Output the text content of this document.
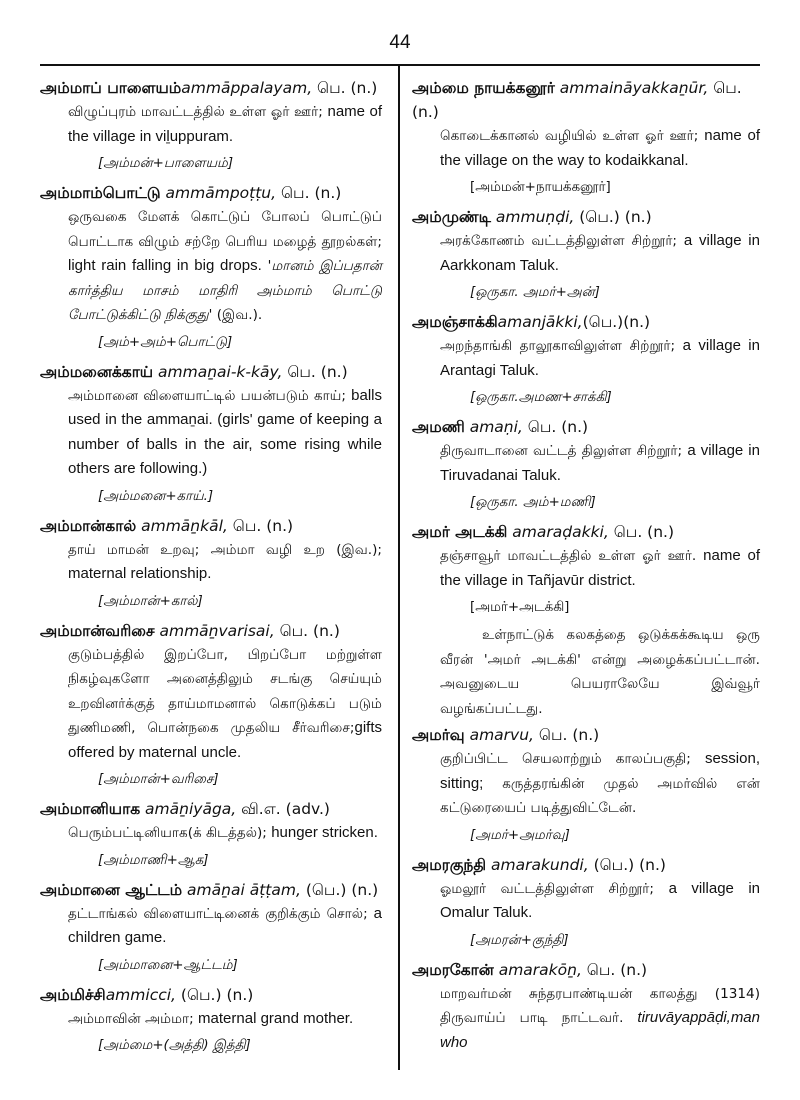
44
அம்மாப் பாளையம்ammāppalayam, பெ. (n.)
விழுப்புரம் மாவட்டத்தில் உள்ள ஓர் ஊர்; name of the village in viḻuppuram.
[அம்மன்+பாளையம்]
அம்மாம்பொட்டு ammāmpoṭṭu, பெ. (n.)
ஒருவகை மேளக் கொட்டுப் போலப் பொட்டுப் பொட்டாக விழும் சற்றே பெரிய மழைத் தூறல்கள்; light rain falling in big drops. 'மானம் இப்பதான் கார்த்திய மாசம் மாதிரி அம்மாம் பொட்டு போட்டுக்கிட்டு நிக்குது' (இவ.).
[அம்+அம்+பொட்டு]
அம்மனைக்காய் ammaṉai-k-kāy, பெ. (n.)
அம்மானை விளையாட்டில் பயன்படும் காய்; balls used in the ammaṉai. (girls' game of keeping a number of balls in the air, some rising while others are following.)
[அம்மனை+காய்.]
அம்மான்கால் ammāṉkāl, பெ. (n.)
தாய் மாமன் உறவு; அம்மா வழி உற (இவ.); maternal relationship.
[அம்மான்+கால்]
அம்மான்வரிசை ammāṉvarisai, பெ. (n.)
குடும்பத்தில் இறப்போ, பிறப்போ மற்றுள்ள நிகழ்வுகளோ அனைத்திலும் சடங்கு செய்யும் உறவினர்க்குத் தாய்மாமனால் கொடுக்கப் படும் துணிமணி, பொன்நகை முதலிய சீர்வரிசை;gifts offered by maternal uncle.
[அம்மான்+வரிசை]
அம்மானியாக amāṉiyāga, வி.எ. (adv.)
பெரும்பட்டினியாக(க் கிடத்தல்); hunger stricken.
[அம்மாணி+ஆக]
அம்மானை ஆட்டம் amāṉai āṭṭam, (பெ.) (n.)
தட்டாங்கல் விளையாட்டினைக் குறிக்கும் சொல்; a children game.
[அம்மானை+ஆட்டம்]
அம்மிச்சிammicci, (பெ.) (n.)
அம்மாவின் அம்மா; maternal grand mother.
[அம்மை+(அத்தி) இத்தி]
அம்மை நாயக்கனூர் ammaināyakkaṉūr, பெ. (n.)
கொடைக்கானல் வழியில் உள்ள ஓர் ஊர்; name of the village on the way to kodaikkanal.
[அம்மன்+நாயக்கனூர்]
அம்முண்டி ammuṇḍi, (பெ.) (n.)
அரக்கோணம் வட்டத்திலுள்ள சிற்றூர்; a village in Aarkkonam Taluk.
[ஒருகா. அமர்+அன்]
அமஞ்சாக்கிamanjākki,(பெ.)(n.)
அறந்தாங்கி தாலூகாவிலுள்ள சிற்றூர்; a village in Arantagi Taluk.
[ஒருகா.அமண+சாக்கி]
அமணி amaṇi, பெ. (n.)
திருவாடானை வட்டத் திலுள்ள சிற்றூர்; a village in Tiruvadanai Taluk.
[ஒருகா. அம்+மணி]
அமர் அடக்கி amaraḍakki, பெ. (n.)
தஞ்சாவூர் மாவட்டத்தில் உள்ள ஓர் ஊர். name of the village in Tañjavūr district.
[அமர்+அடக்கி]
உள்நாட்டுக் கலகத்தை ஒடுக்கக்கூடிய ஒரு வீரன் 'அமர் அடக்கி' என்று அழைக்கப்பட்டான். அவனுடைய பெயராலேயே இவ்வூர் வழங்கப்பட்டது.
அமர்வு amarvu, பெ. (n.)
குறிப்பிட்ட செயலாற்றும் காலப்பகுதி; session, sitting; கருத்தரங்கின் முதல் அமர்வில் என் கட்டுரையைப் படித்துவிட்டேன்.
[அமர்+அமர்வு]
அமரகுந்தி amarakundi, (பெ.) (n.)
ஓமலூர் வட்டத்திலுள்ள சிற்றூர்; a village in Omalur Taluk.
[அமரன்+குந்தி]
அமரகோன் amarakōṉ, பெ. (n.)
மாறவர்மன் சுந்தரபாண்டியன் காலத்து (1314) திருவாய்ப் பாடி நாட்டவர். tiruvāyappāḍi,man who
